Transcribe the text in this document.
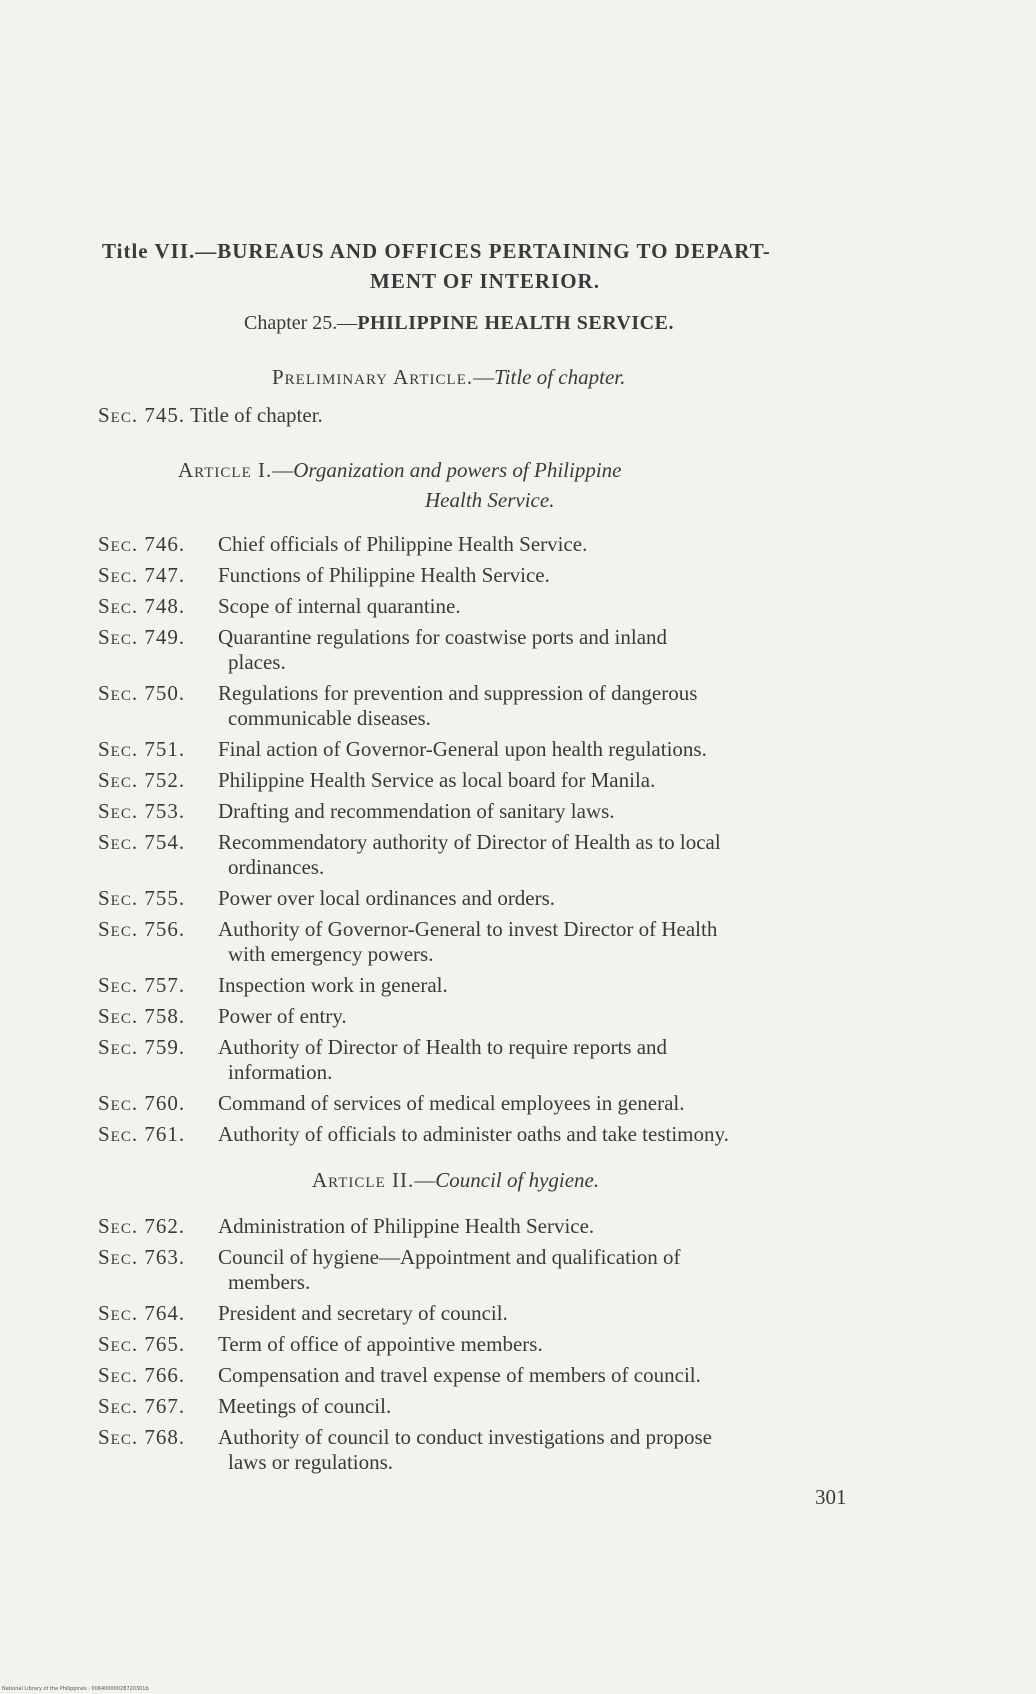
Title VII.—BUREAUS AND OFFICES PERTAINING TO DEPART-
MENT OF INTERIOR.
Chapter 25.—PHILIPPINE HEALTH SERVICE.
Preliminary Article.—Title of chapter.
Sec. 745. Title of chapter.
Article I.—Organization and powers of Philippine
Health Service.
Sec. 746.	Chief officials of Philippine Health Service.
Sec. 747.	Functions of Philippine Health Service.
Sec. 748.	Scope of internal quarantine.
Sec. 749.	Quarantine regulations for coastwise ports and inland
places.
Sec. 750.	Regulations for prevention and suppression of dangerous
communicable diseases.
Sec. 751.	Final action of Governor-General upon health regulations.
Sec. 752.	Philippine Health Service as local board for Manila.
Sec. 753.	Drafting and recommendation of sanitary laws.
Sec. 754.	Recommendatory authority of Director of Health as to local
ordinances.
Sec. 755.	Power over local ordinances and orders.
Sec. 756.	Authority of Governor-General to invest Director of Health
with emergency powers.
Sec. 757.	Inspection work in general.
Sec. 758.	Power of entry.
Sec. 759.	Authority of Director of Health to require reports and
information.
Sec. 760.	Command of services of medical employees in general.
Sec. 761.	Authority of officials to administer oaths and take testimony.
Article II.—Council of hygiene.
Sec. 762.	Administration of Philippine Health Service.
Sec. 763.	Council of hygiene—Appointment and qualification of
members.
Sec. 764.	President and secretary of council.
Sec. 765.	Term of office of appointive members.
Sec. 766.	Compensation and travel expense of members of council.
Sec. 767.	Meetings of council.
Sec. 768.	Authority of council to conduct investigations and propose
laws or regulations.
301
National Library of the Philippines · 00640000028720301b
